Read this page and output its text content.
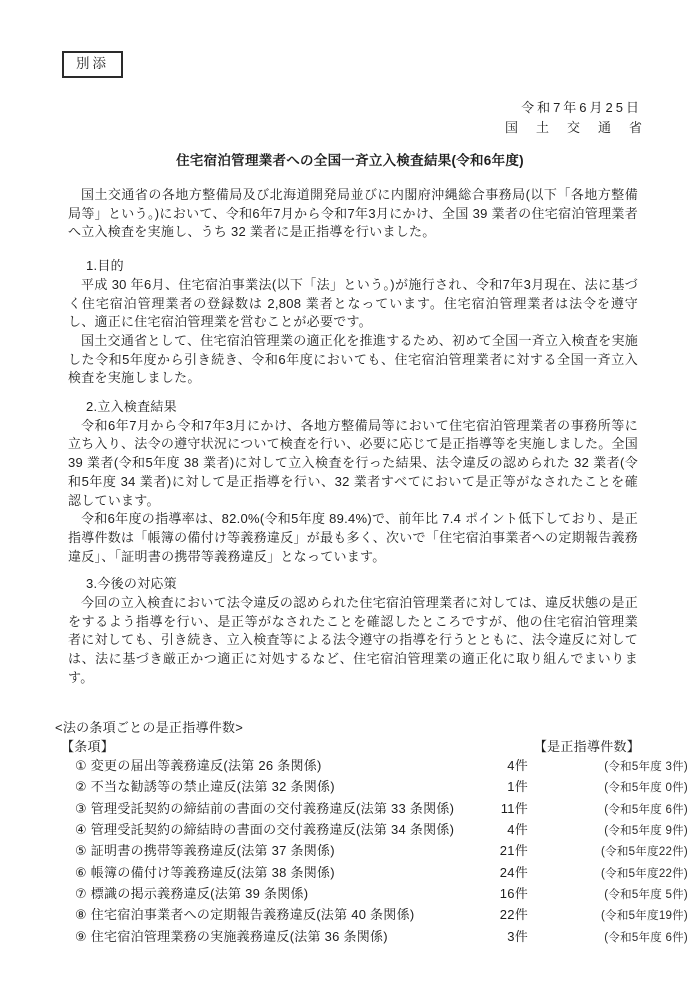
別添
令和7年6月25日
国土交通省
住宅宿泊管理業者への全国一斉立入検査結果(令和6年度)

国土交通省の各地方整備局及び北海道開発局並びに内閣府沖縄総合事務局(以下「各地方整備局等」という。)において、令和6年7月から令和7年3月にかけ、全国 39 業者の住宅宿泊管理業者へ立入検査を実施し、うち 32 業者に是正指導を行いました。

1.目的

平成 30 年6月、住宅宿泊事業法(以下「法」という。)が施行され、令和7年3月現在、法に基づく住宅宿泊管理業者の登録数は 2,808 業者となっています。住宅宿泊管理業者は法令を遵守し、適正に住宅宿泊管理業を営むことが必要です。

国土交通省として、住宅宿泊管理業の適正化を推進するため、初めて全国一斉立入検査を実施した令和5年度から引き続き、令和6年度においても、住宅宿泊管理業者に対する全国一斉立入検査を実施しました。

2.立入検査結果

令和6年7月から令和7年3月にかけ、各地方整備局等において住宅宿泊管理業者の事務所等に立ち入り、法令の遵守状況について検査を行い、必要に応じて是正指導等を実施しました。全国 39 業者(令和5年度 38 業者)に対して立入検査を行った結果、法令違反の認められた 32 業者(令和5年度 34 業者)に対して是正指導を行い、32 業者すべてにおいて是正等がなされたことを確認しています。

令和6年度の指導率は、82.0%(令和5年度 89.4%)で、前年比 7.4 ポイント低下しており、是正指導件数は「帳簿の備付け等義務違反」が最も多く、次いで「住宅宿泊事業者への定期報告義務違反」、「証明書の携帯等義務違反」となっています。

3.今後の対応策

今回の立入検査において法令違反の認められた住宅宿泊管理業者に対しては、違反状態の是正をするよう指導を行い、是正等がなされたことを確認したところですが、他の住宅宿泊管理業者に対しても、引き続き、立入検査等による法令遵守の指導を行うとともに、法令違反に対しては、法に基づき厳正かつ適正に対処するなど、住宅宿泊管理業の適正化に取り組んでまいります。

<法の条項ごとの是正指導件数>
【条項】	【是正指導件数】
① 変更の届出等義務違反(法第 26 条関係)	4件	(令和5年度 3件)
② 不当な勧誘等の禁止違反(法第 32 条関係)	1件	(令和5年度 0件)
③ 管理受託契約の締結前の書面の交付義務違反(法第 33 条関係)	11件	(令和5年度 6件)
④ 管理受託契約の締結時の書面の交付義務違反(法第 34 条関係)	4件	(令和5年度 9件)
⑤ 証明書の携帯等義務違反(法第 37 条関係)	21件	(令和5年度22件)
⑥ 帳簿の備付け等義務違反(法第 38 条関係)	24件	(令和5年度22件)
⑦ 標識の掲示義務違反(法第 39 条関係)	16件	(令和5年度 5件)
⑧ 住宅宿泊事業者への定期報告義務違反(法第 40 条関係)	22件	(令和5年度19件)
⑨ 住宅宿泊管理業務の実施義務違反(法第 36 条関係)	3件	(令和5年度 6件)
